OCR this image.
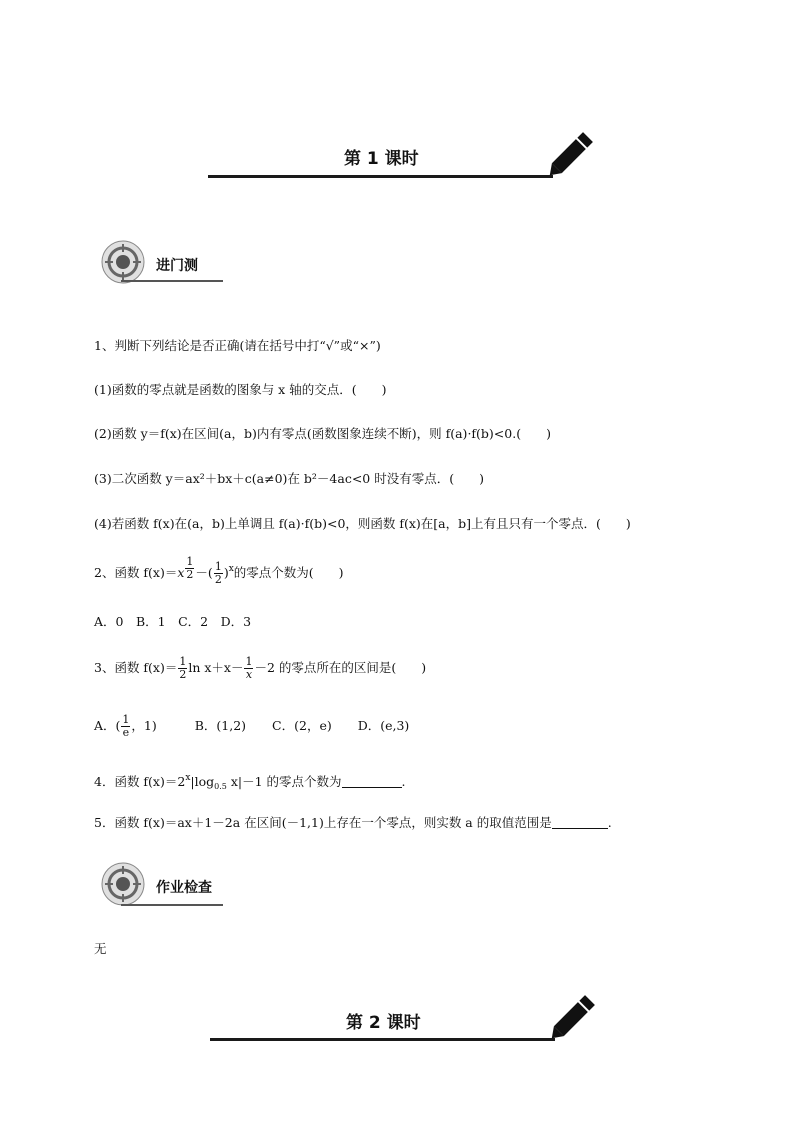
第 1 课时
进门测
1、判断下列结论是否正确(请在括号中打“√”或“×”)
(1)函数的零点就是函数的图象与 x 轴的交点．(　　)
(2)函数 y＝f(x)在区间(a，b)内有零点(函数图象连续不断)，则 f(a)·f(b)<0.(　　)
(3)二次函数 y＝ax²＋bx＋c(a≠0)在 b²－4ac<0 时没有零点．(　　)
(4)若函数 f(x)在(a，b)上单调且 f(a)·f(b)<0，则函数 f(x)在[a，b]上有且只有一个零点．(　　)
2、函数 f(x)＝x $^{\frac{1}{2}}$ －( $\frac{1}{2} )^x$的零点个数为(　　)
A．0　B．1　C．2　D．3
3、函数 $f(x)= \frac{1}{2}$ $\ln x+x- \frac{1}{x} -2$ 的零点所在的区间是(　　)
A．( $\frac{1}{e}$ ，1)	B．(1,2) C．(2，e) D．(e,3)
4．函数 $f(x)=2^x|\log_{0.5}$ x|－1 的零点个数为	.
5．函数 f(x)＝ax＋1－2a 在区间(－1,1)上存在一个零点，则实数 a 的取值范围是	.
作业检查
无
第 2 课时
